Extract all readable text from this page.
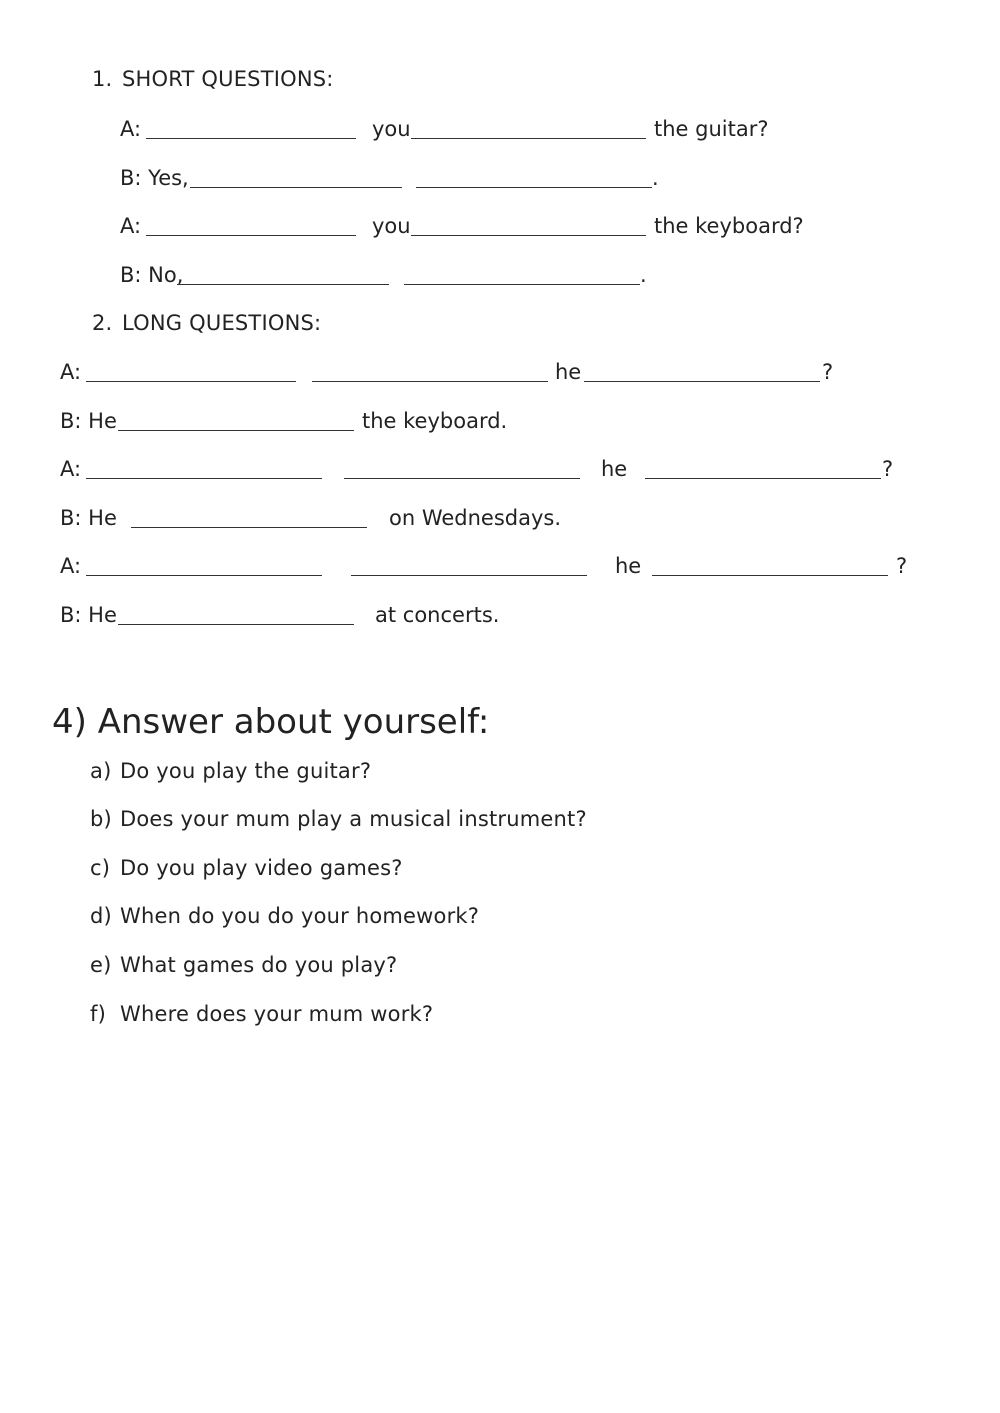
1. SHORT QUESTIONS:
A:	you	the guitar?
B: Yes,	.
A:	you	the keyboard?
B: No,	.
2. LONG QUESTIONS:
A:	he	?
B: He	the keyboard.
A:	he	?
B: He	on Wednesdays.
A:	he	?
B: He	at concerts.
4) Answer about yourself:
a) Do you play the guitar?
b) Does your mum play a musical instrument?
c) Do you play video games?
d) When do you do your homework?
e) What games do you play?
f) Where does your mum work?
